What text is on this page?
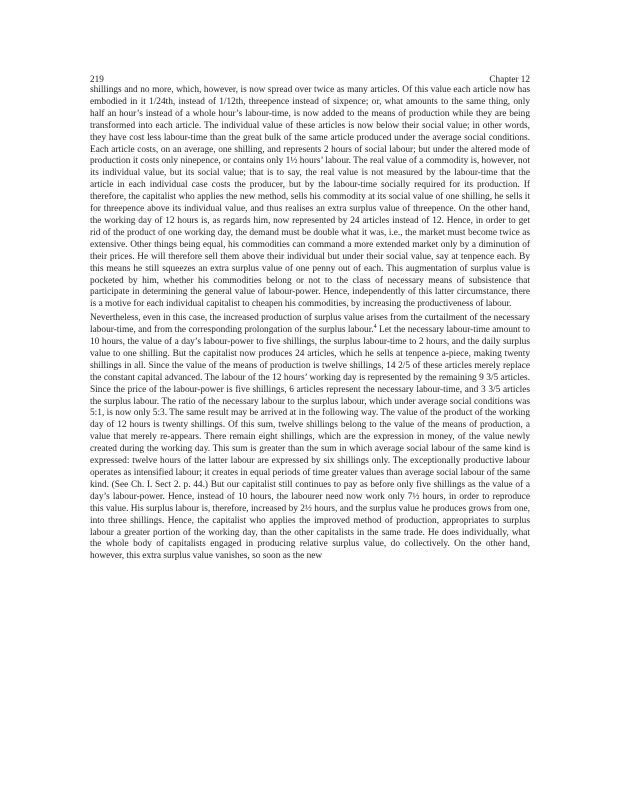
219	Chapter 12

shillings and no more, which, however, is now spread over twice as many articles. Of this value each article now has embodied in it 1/24th, instead of 1/12th, threepence instead of sixpence; or, what amounts to the same thing, only half an hour’s instead of a whole hour’s labour-time, is now added to the means of production while they are being transformed into each article. The individual value of these articles is now below their social value; in other words, they have cost less labour-time than the great bulk of the same article produced under the average social conditions. Each article costs, on an average, one shilling, and represents 2 hours of social labour; but under the altered mode of production it costs only ninepence, or contains only 1½ hours’ labour. The real value of a commodity is, however, not its individual value, but its social value; that is to say, the real value is not measured by the labour-time that the article in each individual case costs the producer, but by the labour-time socially required for its production. If therefore, the capitalist who applies the new method, sells his commodity at its social value of one shilling, he sells it for threepence above its individual value, and thus realises an extra surplus value of threepence. On the other hand, the working day of 12 hours is, as regards him, now represented by 24 articles instead of 12. Hence, in order to get rid of the product of one working day, the demand must be double what it was, i.e., the market must become twice as extensive. Other things being equal, his commodities can command a more extended market only by a diminution of their prices. He will therefore sell them above their individual but under their social value, say at tenpence each. By this means he still squeezes an extra surplus value of one penny out of each. This augmentation of surplus value is pocketed by him, whether his commodities belong or not to the class of necessary means of subsistence that participate in determining the general value of labour-power. Hence, independently of this latter circumstance, there is a motive for each individual capitalist to cheapen his commodities, by increasing the productiveness of labour.

Nevertheless, even in this case, the increased production of surplus value arises from the curtailment of the necessary labour-time, and from the corresponding prolongation of the surplus labour.$^4$ Let the necessary labour-time amount to 10 hours, the value of a day’s labour-power to five shillings, the surplus labour-time to 2 hours, and the daily surplus value to one shilling. But the capitalist now produces 24 articles, which he sells at tenpence a-piece, making twenty shillings in all. Since the value of the means of production is twelve shillings, 14 2/5 of these articles merely replace the constant capital advanced. The labour of the 12 hours’ working day is represented by the remaining 9 3/5 articles. Since the price of the labour-power is five shillings, 6 articles represent the necessary labour-time, and 3 3/5 articles the surplus labour. The ratio of the necessary labour to the surplus labour, which under average social conditions was 5:1, is now only 5:3. The same result may be arrived at in the following way. The value of the product of the working day of 12 hours is twenty shillings. Of this sum, twelve shillings belong to the value of the means of production, a value that merely re-appears. There remain eight shillings, which are the expression in money, of the value newly created during the working day. This sum is greater than the sum in which average social labour of the same kind is expressed: twelve hours of the latter labour are expressed by six shillings only. The exceptionally productive labour operates as intensified labour; it creates in equal periods of time greater values than average social labour of the same kind. (See Ch. I. Sect 2. p. 44.) But our capitalist still continues to pay as before only five shillings as the value of a day’s labour-power. Hence, instead of 10 hours, the labourer need now work only 7½ hours, in order to reproduce this value. His surplus labour is, therefore, increased by 2½ hours, and the surplus value he produces grows from one, into three shillings. Hence, the capitalist who applies the improved method of production, appropriates to surplus labour a greater portion of the working day, than the other capitalists in the same trade. He does individually, what the whole body of capitalists engaged in producing relative surplus value, do collectively. On the other hand, however, this extra surplus value vanishes, so soon as the new
